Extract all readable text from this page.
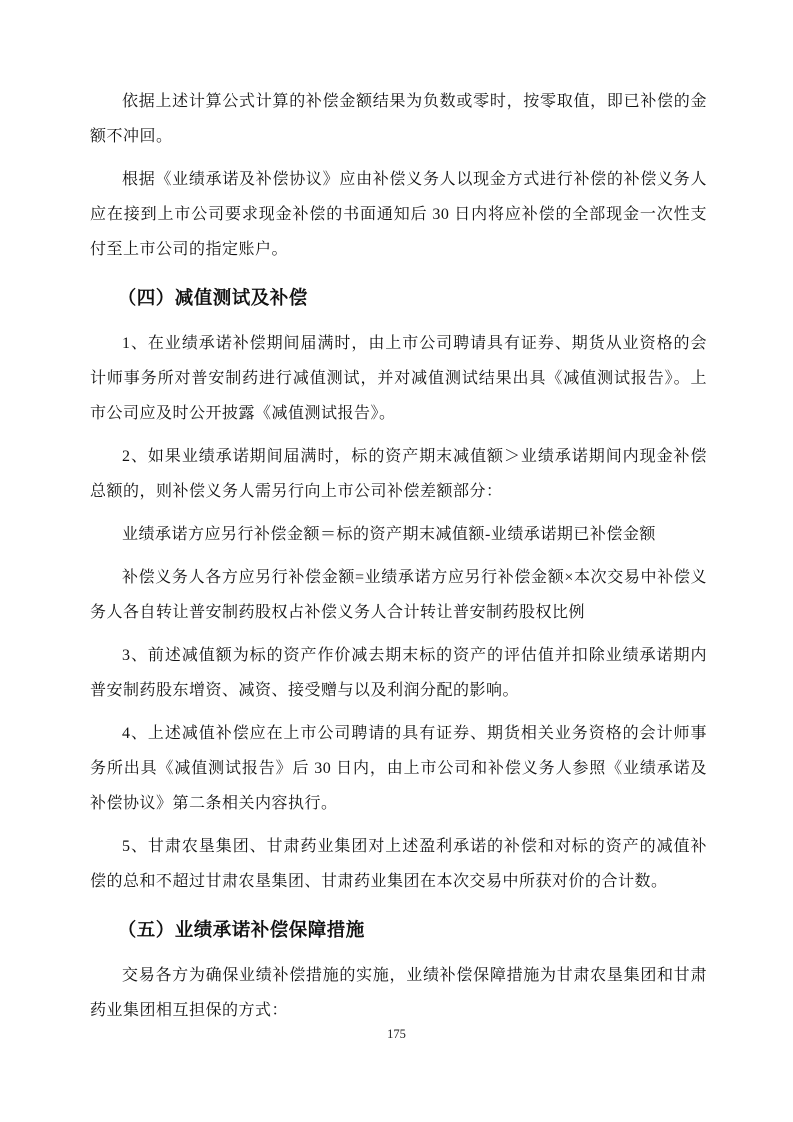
依据上述计算公式计算的补偿金额结果为负数或零时，按零取值，即已补偿的金额不冲回。

根据《业绩承诺及补偿协议》应由补偿义务人以现金方式进行补偿的补偿义务人应在接到上市公司要求现金补偿的书面通知后 30 日内将应补偿的全部现金一次性支付至上市公司的指定账户。

（四）减值测试及补偿

1、在业绩承诺补偿期间届满时，由上市公司聘请具有证券、期货从业资格的会计师事务所对普安制药进行减值测试，并对减值测试结果出具《减值测试报告》。上市公司应及时公开披露《减值测试报告》。

2、如果业绩承诺期间届满时，标的资产期末减值额＞业绩承诺期间内现金补偿总额的，则补偿义务人需另行向上市公司补偿差额部分：

业绩承诺方应另行补偿金额＝标的资产期末减值额-业绩承诺期已补偿金额

补偿义务人各方应另行补偿金额=业绩承诺方应另行补偿金额×本次交易中补偿义务人各自转让普安制药股权占补偿义务人合计转让普安制药股权比例

3、前述减值额为标的资产作价减去期末标的资产的评估值并扣除业绩承诺期内普安制药股东增资、减资、接受赠与以及利润分配的影响。

4、上述减值补偿应在上市公司聘请的具有证券、期货相关业务资格的会计师事务所出具《减值测试报告》后 30 日内，由上市公司和补偿义务人参照《业绩承诺及补偿协议》第二条相关内容执行。

5、甘肃农垦集团、甘肃药业集团对上述盈利承诺的补偿和对标的资产的减值补偿的总和不超过甘肃农垦集团、甘肃药业集团在本次交易中所获对价的合计数。

（五）业绩承诺补偿保障措施

交易各方为确保业绩补偿措施的实施，业绩补偿保障措施为甘肃农垦集团和甘肃药业集团相互担保的方式：

175
